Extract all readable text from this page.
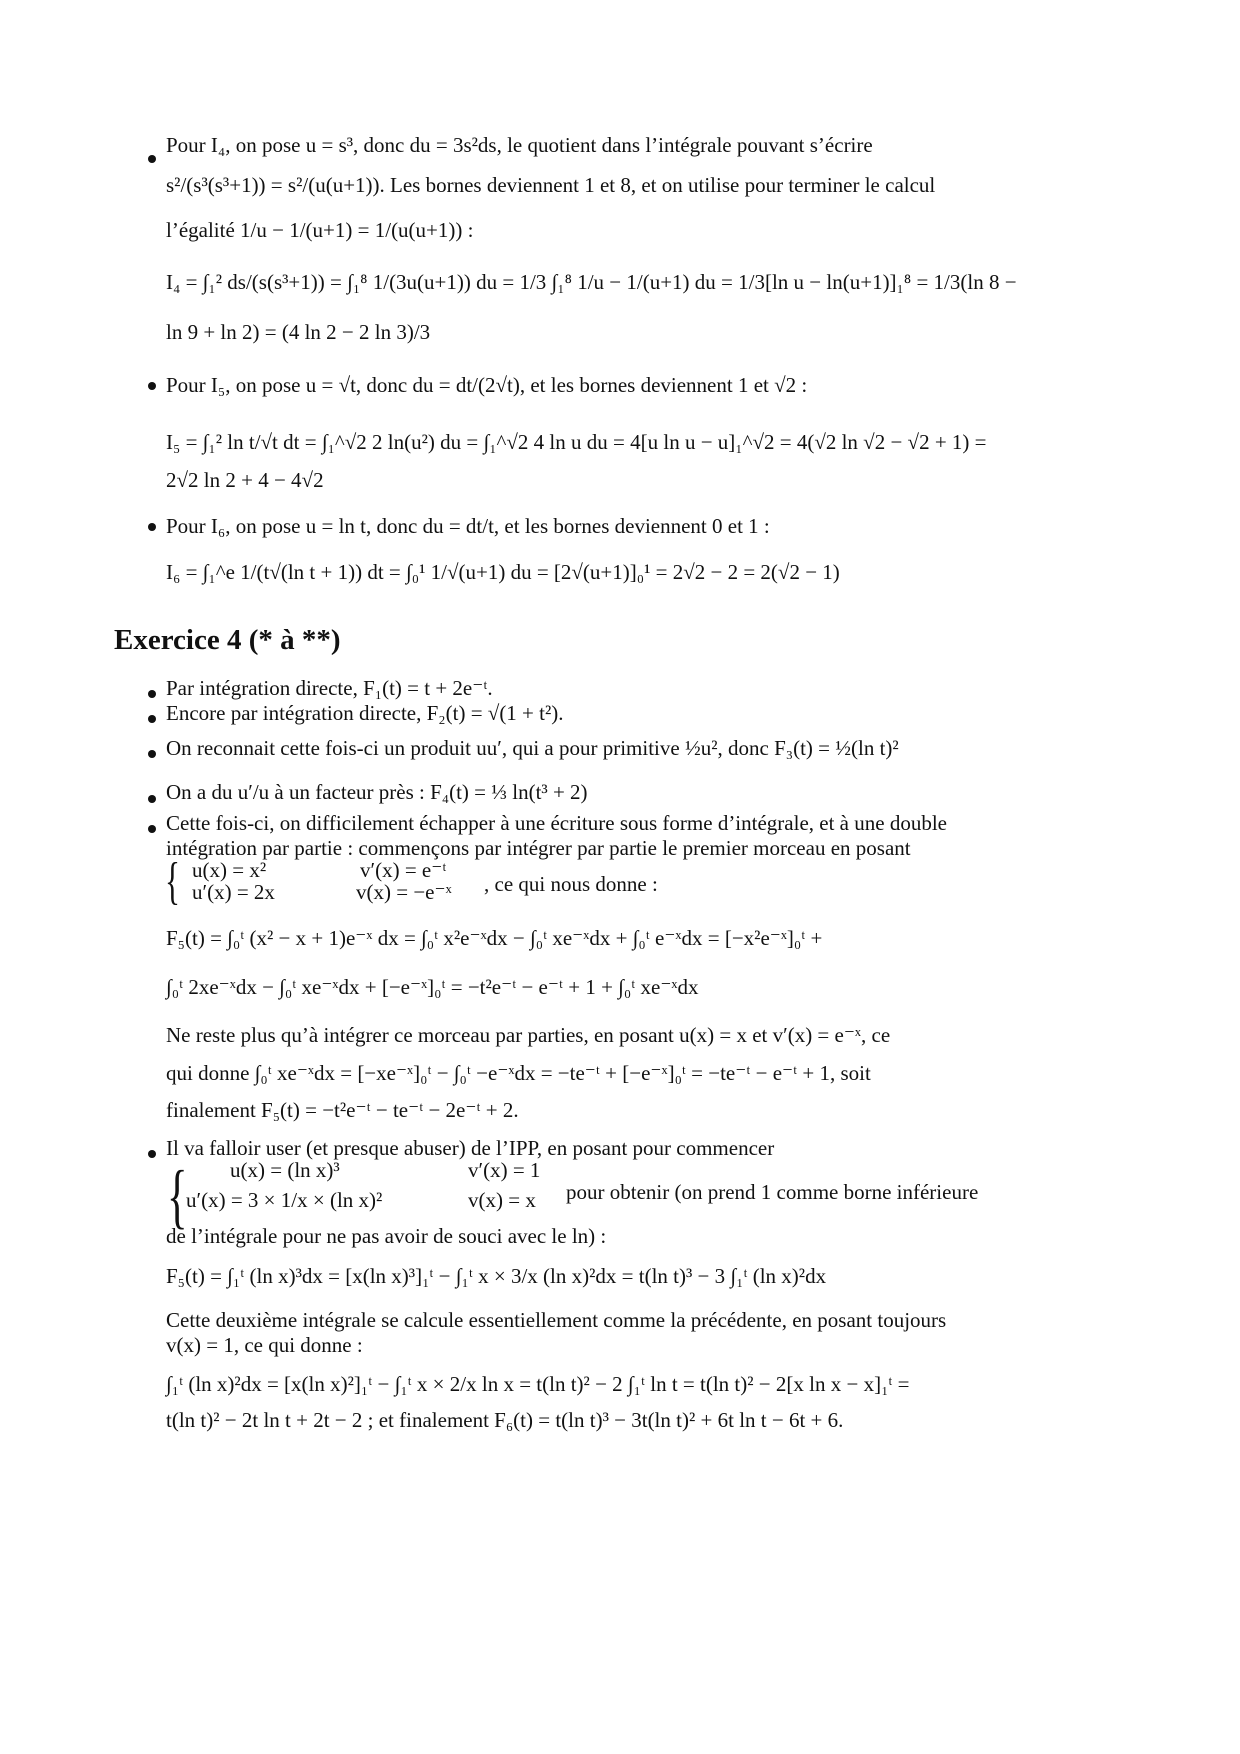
Pour I₄, on pose u = s³, donc du = 3s²ds, le quotient dans l’intégrale pouvant s’écrire
s²/(s³(s³+1)) = s²/(u(u+1)). Les bornes deviennent 1 et 8, et on utilise pour terminer le calcul
l’égalité 1/u − 1/(u+1) = 1/(u(u+1)) :
I₄ = ∫₁² ds/(s(s³+1)) = ∫₁⁸ 1/(3u(u+1)) du = 1/3 ∫₁⁸ 1/u − 1/(u+1) du = 1/3[ln u − ln(u+1)]₁⁸ = 1/3(ln 8 −
ln 9 + ln 2) = (4 ln 2 − 2 ln 3)/3
Pour I₅, on pose u = √t, donc du = dt/(2√t), et les bornes deviennent 1 et √2 :
I₅ = ∫₁² ln t/√t dt = ∫₁^√2 2 ln(u²) du = ∫₁^√2 4 ln u du = 4[u ln u − u]₁^√2 = 4(√2 ln √2 − √2 + 1) =
2√2 ln 2 + 4 − 4√2
Pour I₆, on pose u = ln t, donc du = dt/t, et les bornes deviennent 0 et 1 :
I₆ = ∫₁^e 1/(t√(ln t + 1)) dt = ∫₀¹ 1/√(u+1) du = [2√(u+1)]₀¹ = 2√2 − 2 = 2(√2 − 1)
Exercice 4 (* à **)
Par intégration directe, F₁(t) = t + 2e⁻ᵗ.
Encore par intégration directe, F₂(t) = √(1 + t²).
On reconnait cette fois-ci un produit uu′, qui a pour primitive ½u², donc F₃(t) = ½(ln t)²
On a du u′/u à un facteur près : F₄(t) = ⅓ ln(t³ + 2)
Cette fois-ci, on difficilement échapper à une écriture sous forme d’intégrale, et à une double
intégration par partie : commençons par intégrer par partie le premier morceau en posant
{ u(x) = x²	v′(x) = e⁻ᵗ
u′(x) = 2x	v(x) = −e⁻ˣ , ce qui nous donne :
F₅(t) = ∫₀ᵗ (x² − x + 1)e⁻ˣ dx = ∫₀ᵗ x²e⁻ˣdx − ∫₀ᵗ xe⁻ˣdx + ∫₀ᵗ e⁻ˣdx = [−x²e⁻ˣ]₀ᵗ +
∫₀ᵗ 2xe⁻ˣdx − ∫₀ᵗ xe⁻ˣdx + [−e⁻ˣ]₀ᵗ = −t²e⁻ᵗ − e⁻ᵗ + 1 + ∫₀ᵗ xe⁻ˣdx
Ne reste plus qu’à intégrer ce morceau par parties, en posant u(x) = x et v′(x) = e⁻ˣ, ce
qui donne ∫₀ᵗ xe⁻ˣdx = [−xe⁻ˣ]₀ᵗ − ∫₀ᵗ −e⁻ˣdx = −te⁻ᵗ + [−e⁻ˣ]₀ᵗ = −te⁻ᵗ − e⁻ᵗ + 1, soit
finalement F₅(t) = −t²e⁻ᵗ − te⁻ᵗ − 2e⁻ᵗ + 2.
Il va falloir user (et presque abuser) de l’IPP, en posant pour commencer
{ u(x) = (ln x)³	v′(x) = 1
u′(x) = 3 × 1/x × (ln x)²	v(x) = x pour obtenir (on prend 1 comme borne inférieure
de l’intégrale pour ne pas avoir de souci avec le ln) :
F₅(t) = ∫₁ᵗ (ln x)³dx = [x(ln x)³]₁ᵗ − ∫₁ᵗ x × 3/x (ln x)²dx = t(ln t)³ − 3 ∫₁ᵗ (ln x)²dx
Cette deuxième intégrale se calcule essentiellement comme la précédente, en posant toujours
v(x) = 1, ce qui donne :
∫₁ᵗ (ln x)²dx = [x(ln x)²]₁ᵗ − ∫₁ᵗ x × 2/x ln x = t(ln t)² − 2 ∫₁ᵗ ln t = t(ln t)² − 2[x ln x − x]₁ᵗ =
t(ln t)² − 2t ln t + 2t − 2 ; et finalement F₆(t) = t(ln t)³ − 3t(ln t)² + 6t ln t − 6t + 6.
